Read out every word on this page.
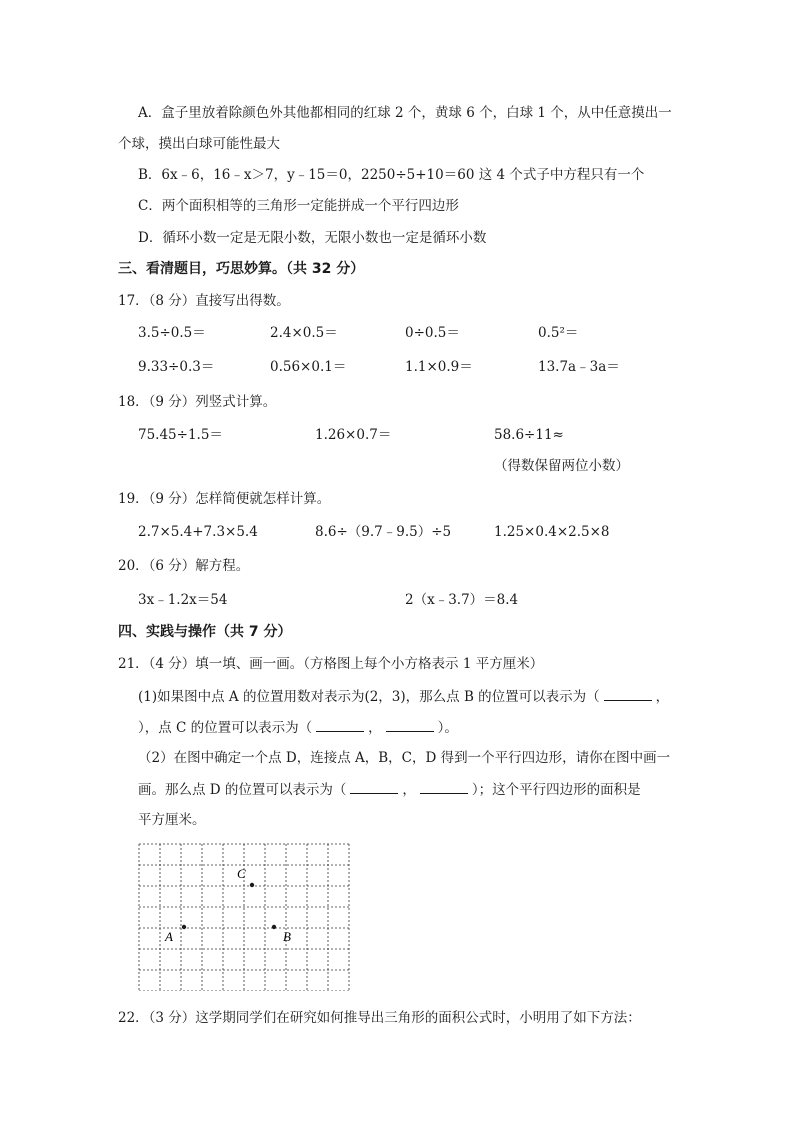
A．盒子里放着除颜色外其他都相同的红球 2 个，黄球 6 个，白球 1 个，从中任意摸出一
个球，摸出白球可能性最大
B．6x﹣6，16﹣x＞7，y﹣15＝0，2250÷5+10＝60 这 4 个式子中方程只有一个
C．两个面积相等的三角形一定能拼成一个平行四边形
D．循环小数一定是无限小数，无限小数也一定是循环小数
三、看清题目，巧思妙算。（共 32 分）
17．（8 分）直接写出得数。
3.5÷0.5＝	2.4×0.5＝	0÷0.5＝	0.5²＝
9.33÷0.3＝	0.56×0.1＝	1.1×0.9＝	13.7a﹣3a＝
18．（9 分）列竖式计算。
75.45÷1.5＝	1.26×0.7＝	58.6÷11≈
（得数保留两位小数）
19．（9 分）怎样简便就怎样计算。
2.7×5.4+7.3×5.4	8.6÷（9.7﹣9.5）÷5	1.25×0.4×2.5×8
20．（6 分）解方程。
3x﹣1.2x＝54	2（x﹣3.7）＝8.4
四、实践与操作（共 7 分）
21．（4 分）填一填、画一画。（方格图上每个小方格表示 1 平方厘米）
(1)如果图中点 A 的位置用数对表示为(2，3)，那么点 B 的位置可以表示为（	，
），点 C 的位置可以表示为（	，	）。
（2）在图中确定一个点 D，连接点 A，B，C，D 得到一个平行四边形，请你在图中画一
画。那么点 D 的位置可以表示为（	，	）；这个平行四边形的面积是
平方厘米。
A	B
C
22．（3 分）这学期同学们在研究如何推导出三角形的面积公式时，小明用了如下方法：
